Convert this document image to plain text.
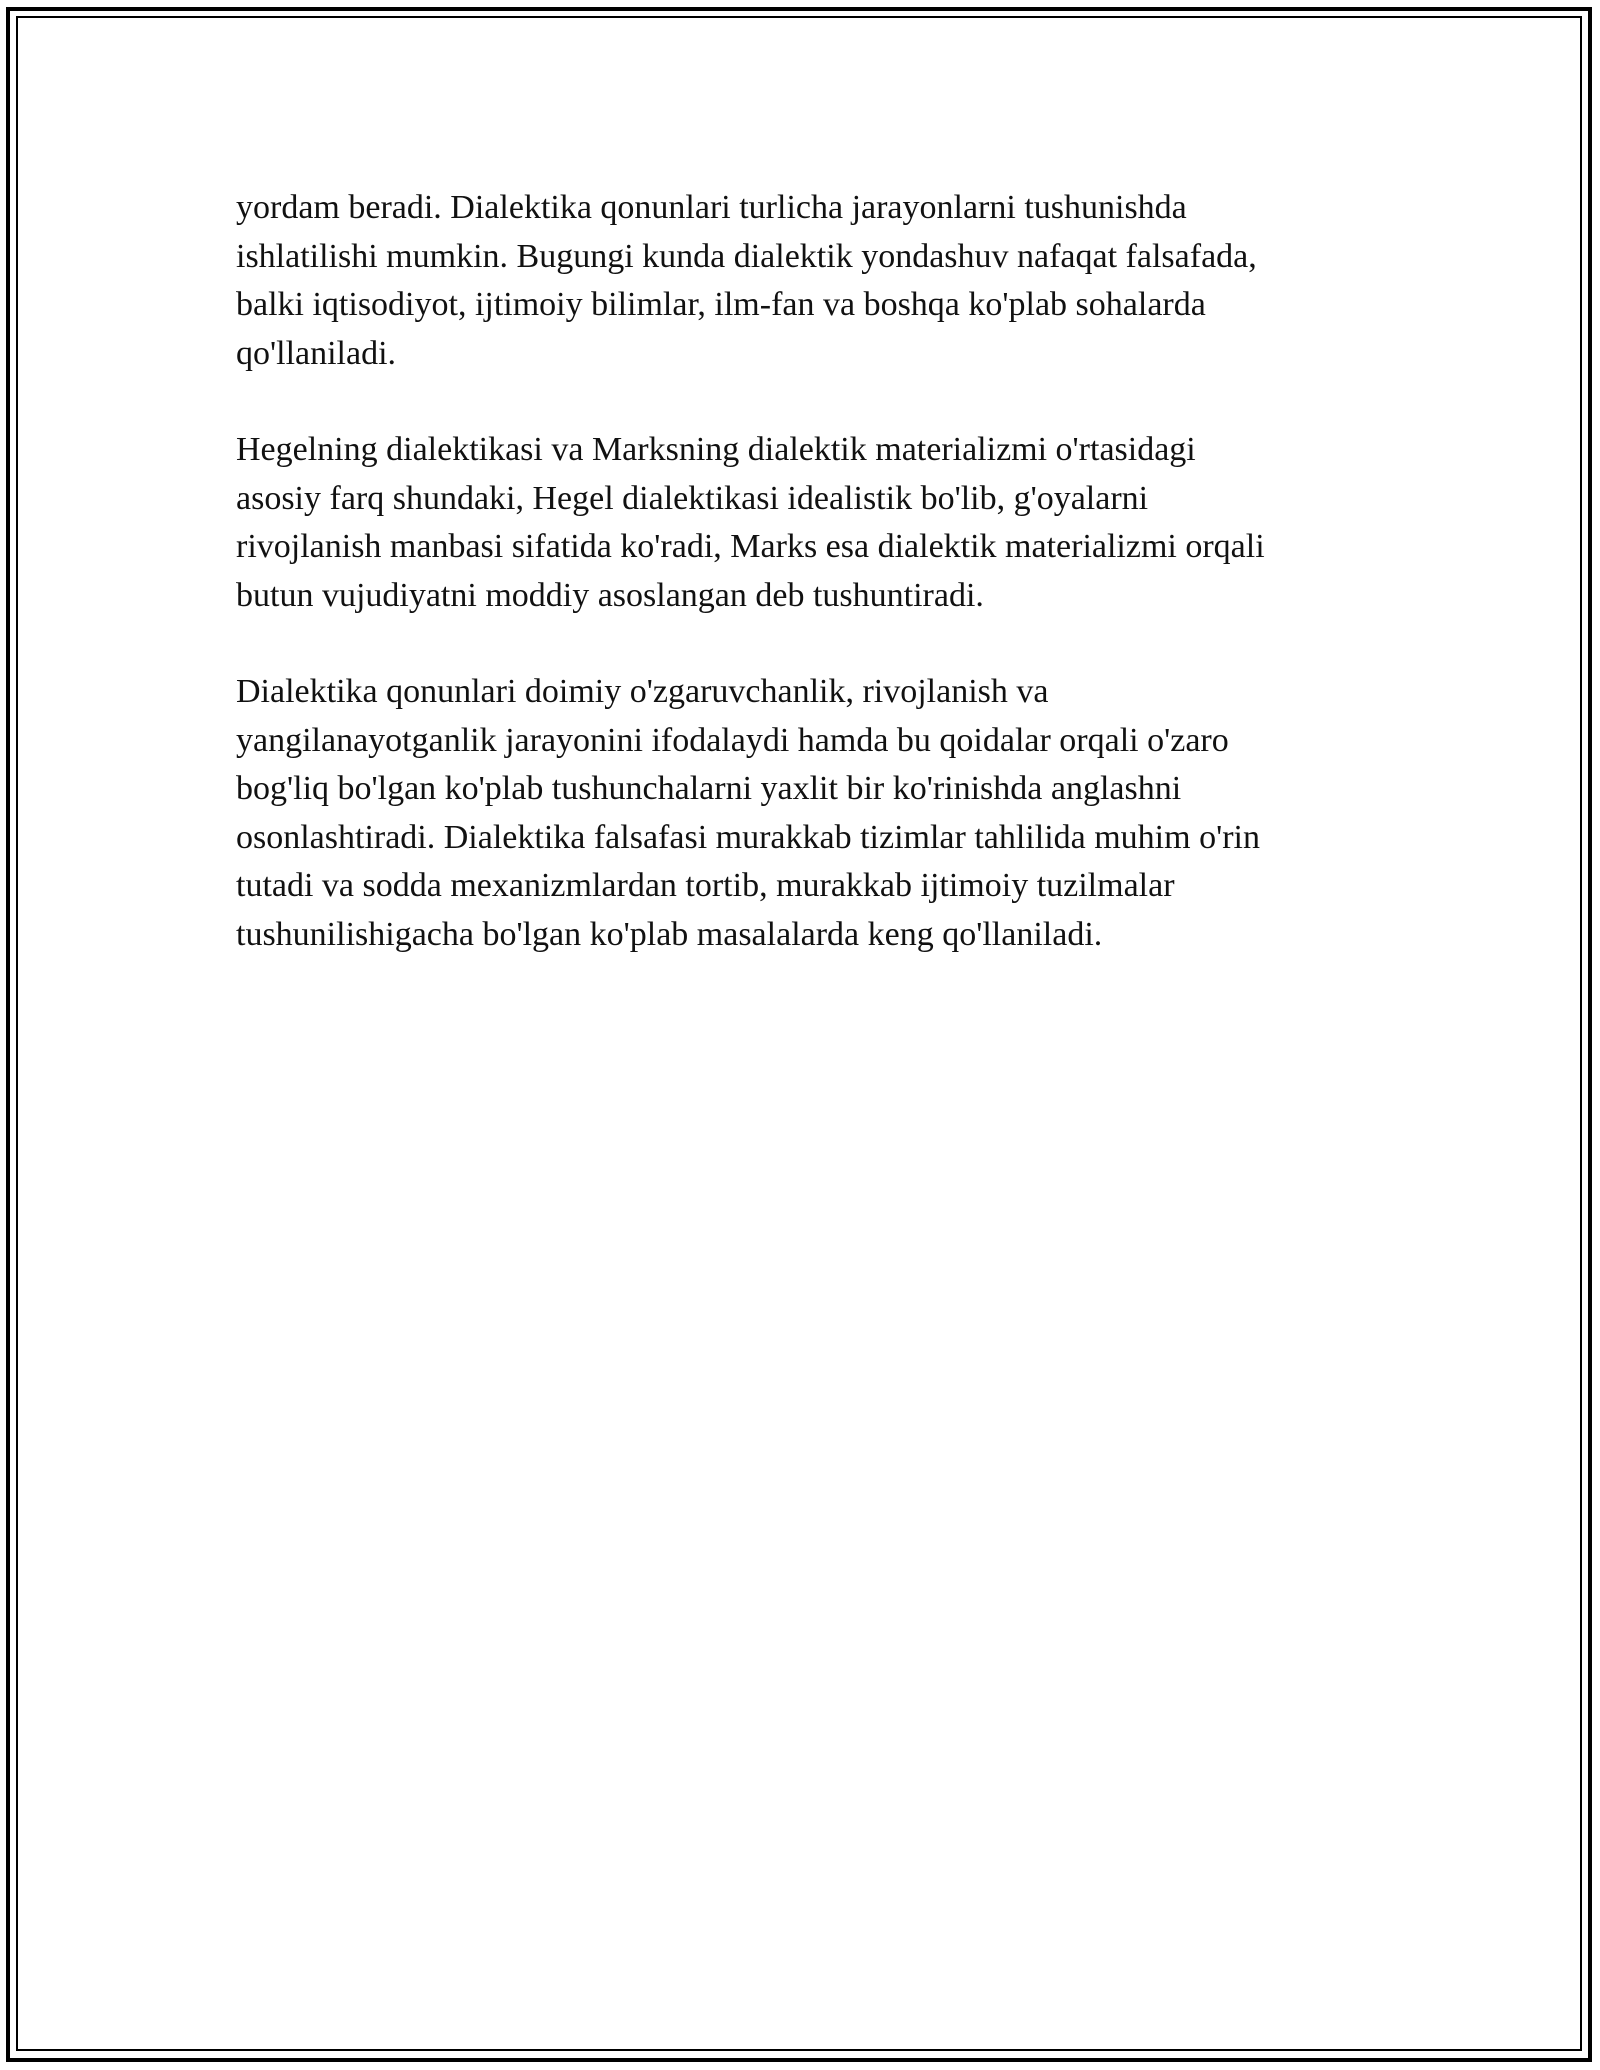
yordam beradi. Dialektika qonunlari turlicha jarayonlarni tushunishda
ishlatilishi mumkin. Bugungi kunda dialektik yondashuv nafaqat falsafada,
balki iqtisodiyot, ijtimoiy bilimlar, ilm-fan va boshqa ko'plab sohalarda
qo'llaniladi.

Hegelning dialektikasi va Marksning dialektik materializmi o'rtasidagi
asosiy farq shundaki, Hegel dialektikasi idealistik bo'lib, g'oyalarni
rivojlanish manbasi sifatida ko'radi, Marks esa dialektik materializmi orqali
butun vujudiyatni moddiy asoslangan deb tushuntiradi.

Dialektika qonunlari doimiy o'zgaruvchanlik, rivojlanish va
yangilanayotganlik jarayonini ifodalaydi hamda bu qoidalar orqali o'zaro
bog'liq bo'lgan ko'plab tushunchalarni yaxlit bir ko'rinishda anglashni
osonlashtiradi. Dialektika falsafasi murakkab tizimlar tahlilida muhim o'rin
tutadi va sodda mexanizmlardan tortib, murakkab ijtimoiy tuzilmalar
tushunilishigacha bo'lgan ko'plab masalalarda keng qo'llaniladi.
